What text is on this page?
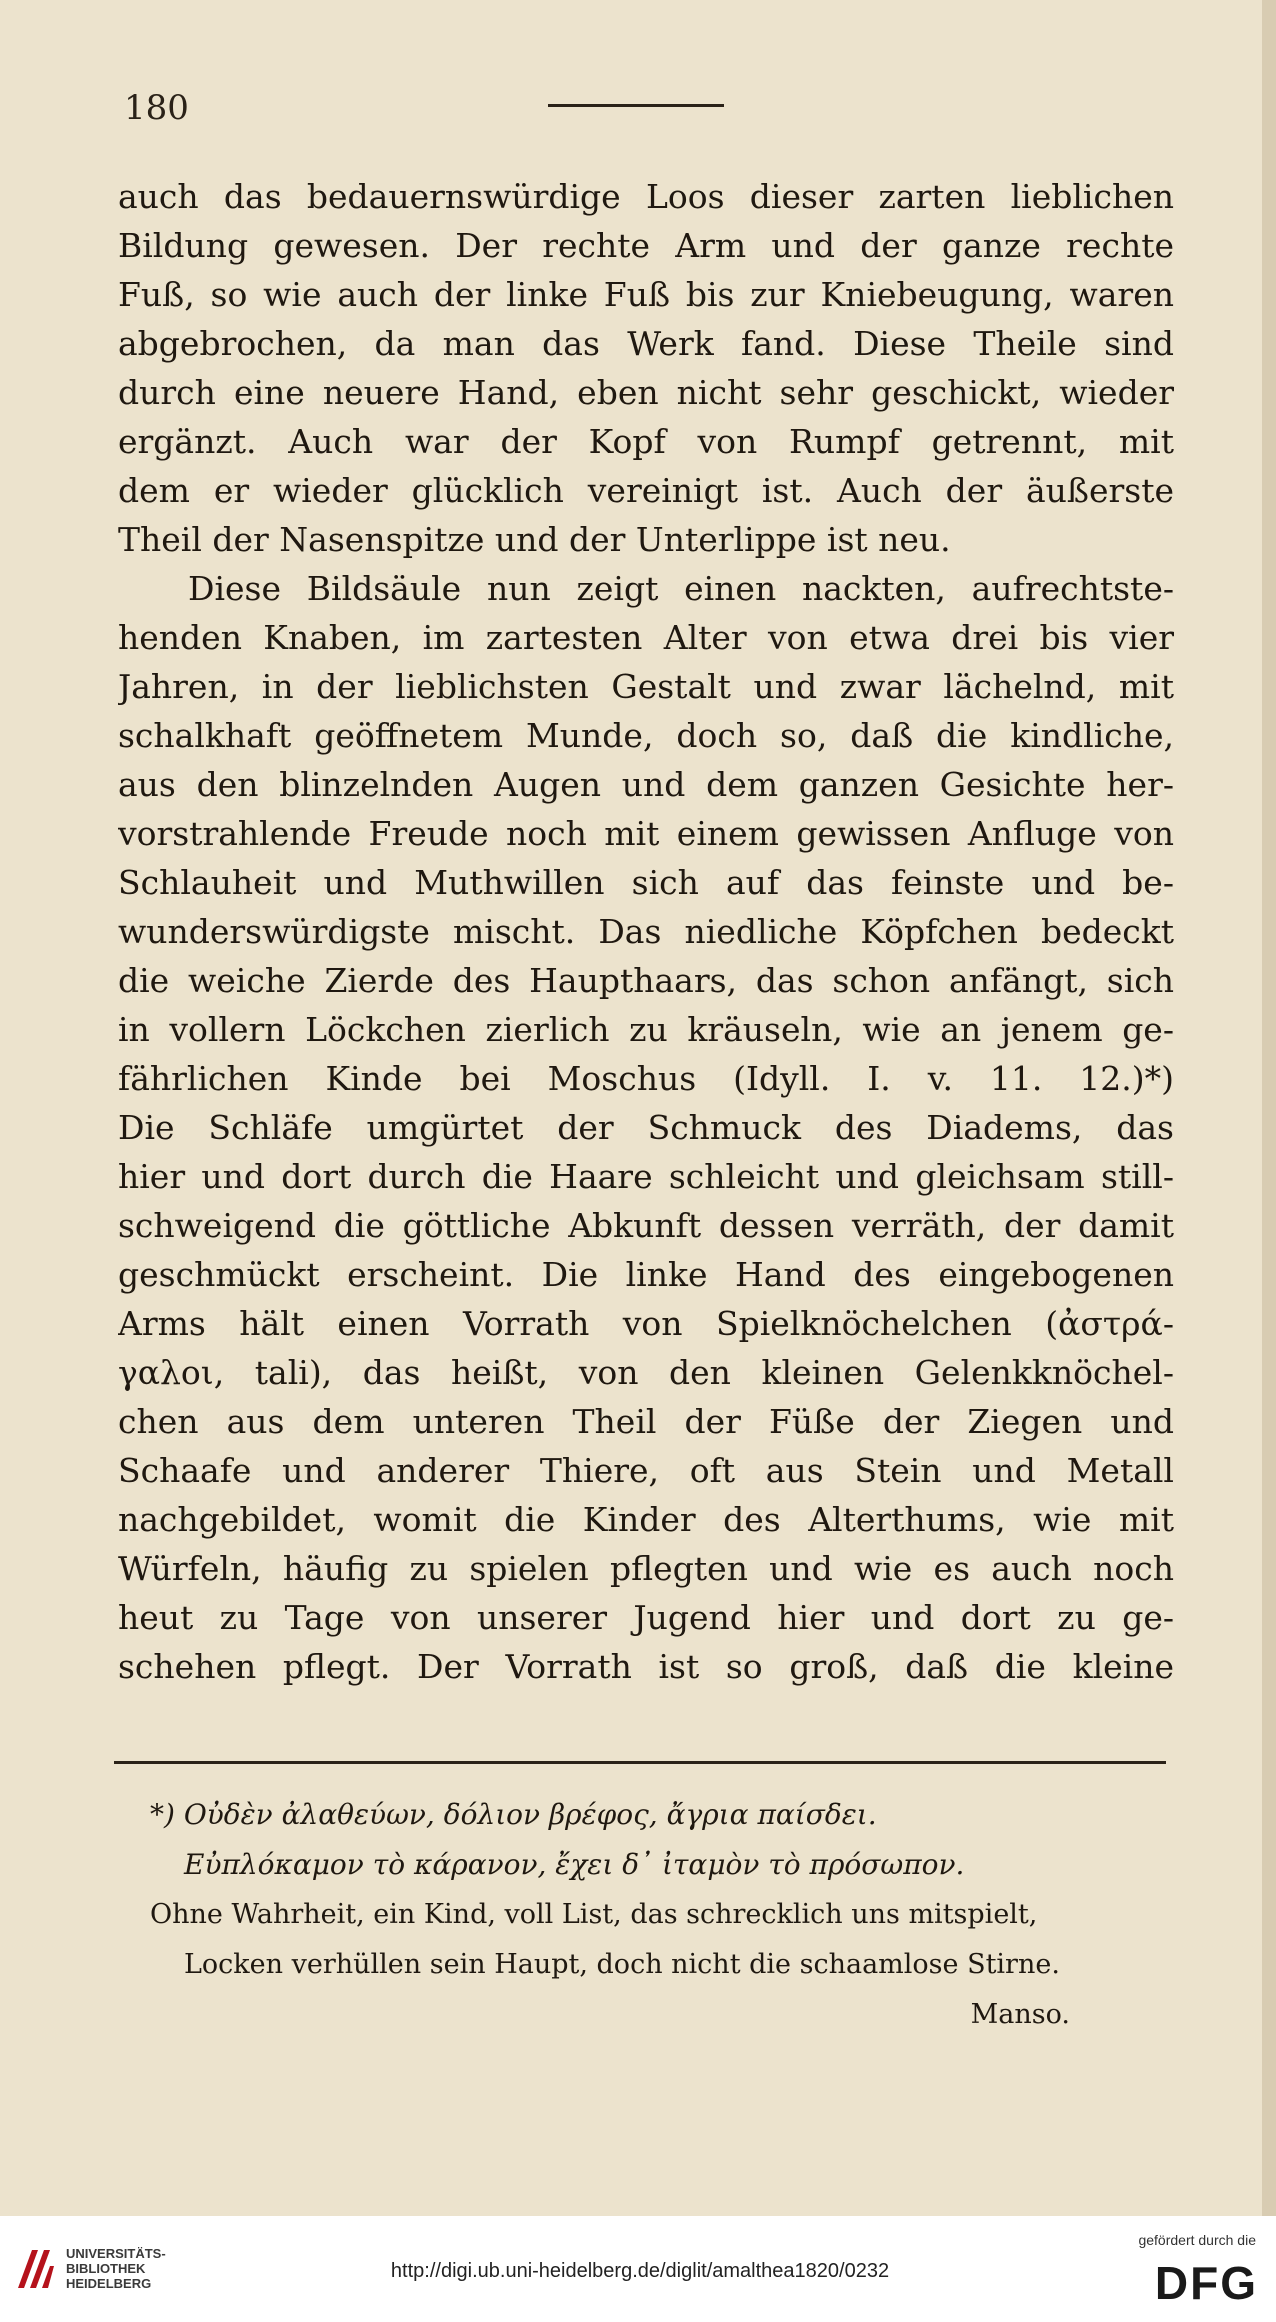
180
auch das bedauernswürdige Loos dieser zarten lieblichen
Bildung gewesen. Der rechte Arm und der ganze rechte
Fuß, so wie auch der linke Fuß bis zur Kniebeugung, waren
abgebrochen, da man das Werk fand. Diese Theile sind
durch eine neuere Hand, eben nicht sehr geschickt, wieder
ergänzt. Auch war der Kopf von Rumpf getrennt, mit
dem er wieder glücklich vereinigt ist. Auch der äußerste
Theil der Nasenspitze und der Unterlippe ist neu.
Diese Bildsäule nun zeigt einen nackten, aufrechtste-
henden Knaben, im zartesten Alter von etwa drei bis vier
Jahren, in der lieblichsten Gestalt und zwar lächelnd, mit
schalkhaft geöffnetem Munde, doch so, daß die kindliche,
aus den blinzelnden Augen und dem ganzen Gesichte her-
vorstrahlende Freude noch mit einem gewissen Anfluge von
Schlauheit und Muthwillen sich auf das feinste und be-
wunderswürdigste mischt. Das niedliche Köpfchen bedeckt
die weiche Zierde des Haupthaars, das schon anfängt, sich
in vollern Löckchen zierlich zu kräuseln, wie an jenem ge-
fährlichen Kinde bei Moschus (Idyll. I. v. 11. 12.)*)
Die Schläfe umgürtet der Schmuck des Diadems, das
hier und dort durch die Haare schleicht und gleichsam still-
schweigend die göttliche Abkunft dessen verräth, der damit
geschmückt erscheint. Die linke Hand des eingebogenen
Arms hält einen Vorrath von Spielknöchelchen (ἀστρά-
γαλοι, tali), das heißt, von den kleinen Gelenkknöchel-
chen aus dem unteren Theil der Füße der Ziegen und
Schaafe und anderer Thiere, oft aus Stein und Metall
nachgebildet, womit die Kinder des Alterthums, wie mit
Würfeln, häufig zu spielen pflegten und wie es auch noch
heut zu Tage von unserer Jugend hier und dort zu ge-
schehen pflegt. Der Vorrath ist so groß, daß die kleine
*) Οὐδὲν ἀλαθεύων, δόλιον βρέφος, ἄγρια παίσδει.
Εὐπλόκαμον τὸ κάρανον, ἔχει δ᾽ ἰταμὸν τὸ πρόσωπον.
Ohne Wahrheit, ein Kind, voll List, das schrecklich uns mitspielt,
Locken verhüllen sein Haupt, doch nicht die schaamlose Stirne.
Manso.
UNIVERSITÄTS-
BIBLIOTHEK
HEIDELBERG
http://digi.ub.uni-heidelberg.de/diglit/amalthea1820/0232
gefördert durch die
DFG
